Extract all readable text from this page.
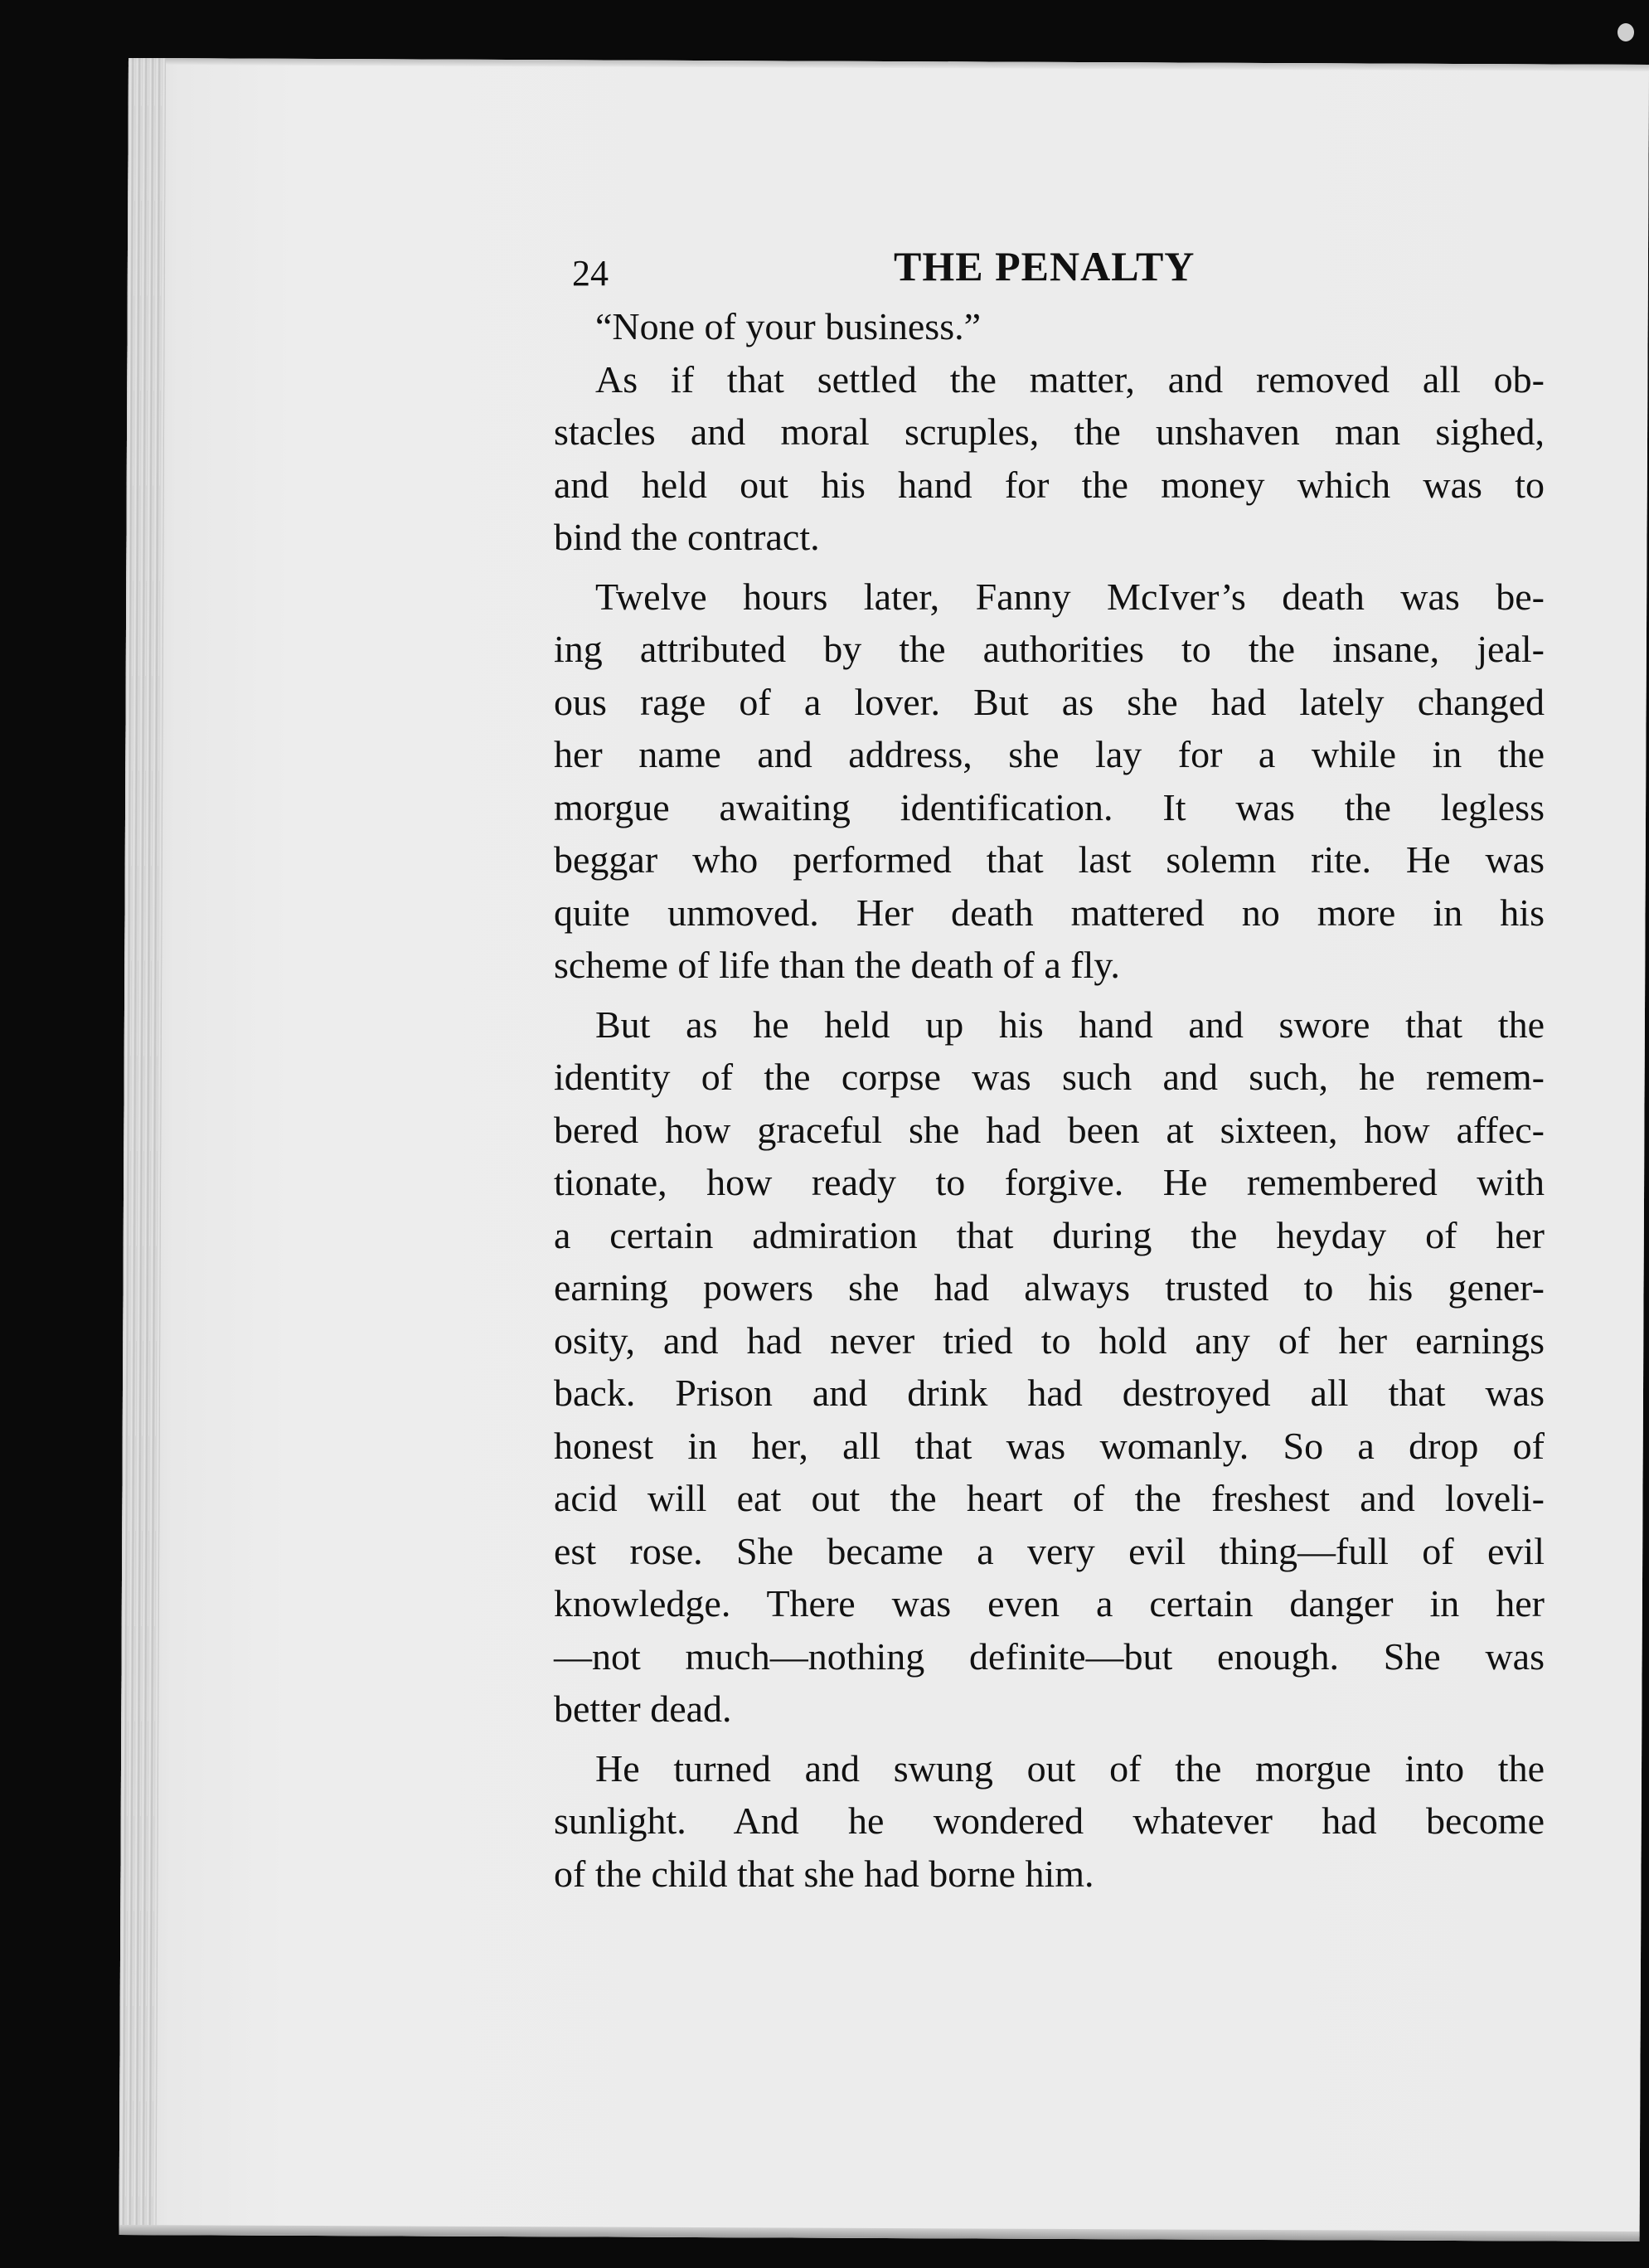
24	THE PENALTY
“None of your business.”
As if that settled the matter, and removed all ob-
stacles and moral scruples, the unshaven man sighed,
and held out his hand for the money which was to
bind the contract.
Twelve hours later, Fanny McIver’s death was be-
ing attributed by the authorities to the insane, jeal-
ous rage of a lover. But as she had lately changed
her name and address, she lay for a while in the
morgue awaiting identification. It was the legless
beggar who performed that last solemn rite. He was
quite unmoved. Her death mattered no more in his
scheme of life than the death of a fly.
But as he held up his hand and swore that the
identity of the corpse was such and such, he remem-
bered how graceful she had been at sixteen, how affec-
tionate, how ready to forgive. He remembered with
a certain admiration that during the heyday of her
earning powers she had always trusted to his gener-
osity, and had never tried to hold any of her earnings
back. Prison and drink had destroyed all that was
honest in her, all that was womanly. So a drop of
acid will eat out the heart of the freshest and loveli-
est rose. She became a very evil thing—full of evil
knowledge. There was even a certain danger in her
—not much—nothing definite—but enough. She was
better dead.
He turned and swung out of the morgue into the
sunlight. And he wondered whatever had become
of the child that she had borne him.
